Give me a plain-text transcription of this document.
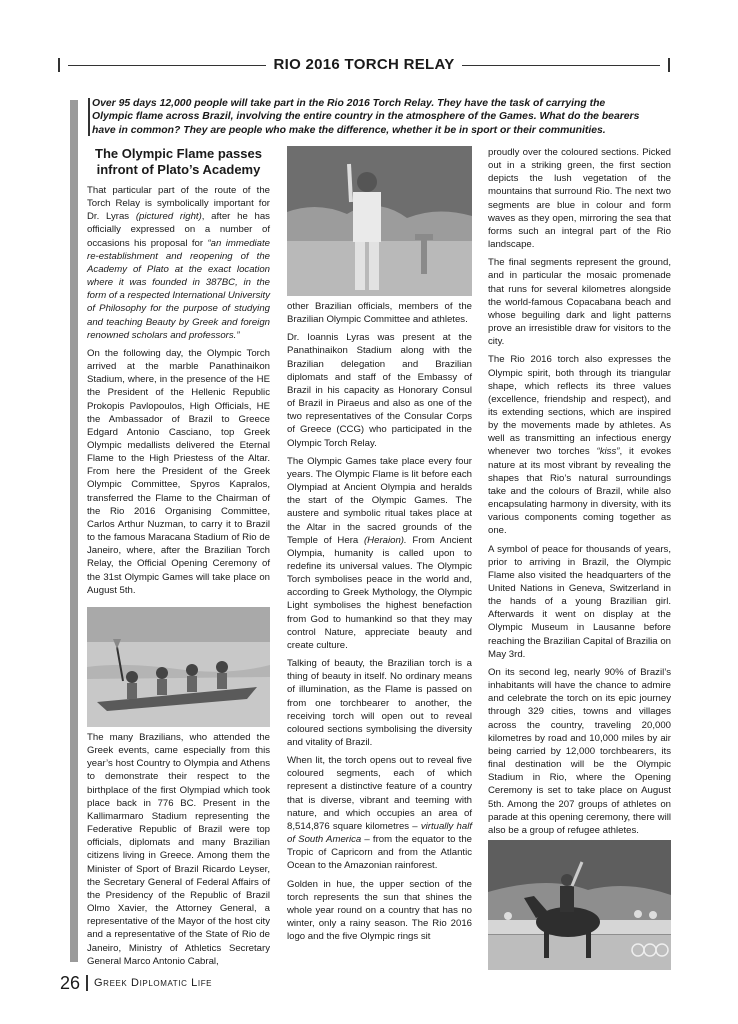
RIO 2016 TORCH RELAY
Over 95 days 12,000 people will take part in the Rio 2016 Torch Relay. They have the task of carrying the Olympic flame across Brazil, involving the entire country in the atmosphere of the Games. What do the bearers have in common? They are people who make the difference, whether it be in sport or their communities.
The Olympic Flame passes infront of Plato’s Academy

That particular part of the route of the Torch Relay is symbolically important for Dr. Lyras (pictured right), after he has officially expressed on a number of occasions his proposal for “an immediate re-establishment and reopening of the Academy of Plato at the exact location where it was founded in 387BC, in the form of a respected International University of Philosophy for the purpose of studying and teaching Beauty by Greek and foreign renowned scholars and professors.”

On the following day, the Olympic Torch arrived at the marble Panathinaikon Stadium, where, in the presence of the HE the President of the Hellenic Republic Prokopis Pavlopoulos, High Officials, HE the Ambassador of Brazil to Greece Edgard Antonio Casciano, top Greek Olympic medallists delivered the Eternal Flame to the High Priestess of the Altar. From here the President of the Greek Olympic Committee, Spyros Kapralos, transferred the Flame to the Chairman of the Rio 2016 Organising Committee, Carlos Arthur Nuzman, to carry it to Brazil to the famous Maracana Stadium of Rio de Janeiro, where, after the Brazilian Torch Relay, the Official Opening Ceremony of the 31st Olympic Games will take place on August 5th.

The many Brazilians, who attended the Greek events, came especially from this year’s host Country to Olympia and Athens to demonstrate their respect to the birthplace of the first Olympiad which took place back in 776 BC. Present in the Kallimarmaro Stadium representing the Federative Republic of Brazil were top officials, diplomats and many Brazilian citizens living in Greece. Among them the Minister of Sport of Brazil Ricardo Leyser, the Secretary General of Federal Affairs of the Presidency of the Republic of Brazil Olmo Xavier, the Attorney General, a representative of the Mayor of the host city and a representative of the State of Rio de Janeiro, Ministry of Athletics Secretary General Marco Antonio Cabral,

other Brazilian officials, members of the Brazilian Olympic Committee and athletes.

Dr. Ioannis Lyras was present at the Panathinaikon Stadium along with the Brazilian delegation and Brazilian diplomats and staff of the Embassy of Brazil in his capacity as Honorary Consul of Brazil in Piraeus and also as one of the two representatives of the Consular Corps of Greece (CCG) who participated in the Olympic Torch Relay.

The Olympic Games take place every four years. The Olympic Flame is lit before each Olympiad at Ancient Olympia and heralds the start of the Olympic Games. The austere and symbolic ritual takes place at the Altar in the sacred grounds of the Temple of Hera (Heraion). From Ancient Olympia, humanity is called upon to redefine its universal values. The Olympic Torch symbolises peace in the world and, according to Greek Mythology, the Olympic Light symbolises the highest benefaction from God to humankind so that they may control Nature, appreciate beauty and create culture.

Talking of beauty, the Brazilian torch is a thing of beauty in itself. No ordinary means of illumination, as the Flame is passed on from one torchbearer to another, the receiving torch will open out to reveal coloured sections symbolising the diversity and vitality of Brazil.

When lit, the torch opens out to reveal five coloured segments, each of which represent a distinctive feature of a country that is diverse, vibrant and teeming with nature, and which occupies an area of 8,514,876 square kilometres – virtually half of South America – from the equator to the Tropic of Capricorn and from the Atlantic Ocean to the Amazonian rainforest.

Golden in hue, the upper section of the torch represents the sun that shines the whole year round on a country that has no winter, only a rainy season. The Rio 2016 logo and the five Olympic rings sit

proudly over the coloured sections. Picked out in a striking green, the first section depicts the lush vegetation of the mountains that surround Rio. The next two segments are blue in colour and form waves as they open, mirroring the sea that forms such an integral part of the Rio landscape.

The final segments represent the ground, and in particular the mosaic promenade that runs for several kilometres alongside the world-famous Copacabana beach and whose beguiling dark and light patterns prove an irresistible draw for visitors to the city.

The Rio 2016 torch also expresses the Olympic spirit, both through its triangular shape, which reflects its three values (excellence, friendship and respect), and its extending sections, which are inspired by the movements made by athletes. As well as transmitting an infectious energy whenever two torches “kiss”, it evokes nature at its most vibrant by revealing the shapes that Rio’s natural surroundings take and the colours of Brazil, while also encapsulating harmony in diversity, with its various components coming together as one.

A symbol of peace for thousands of years, prior to arriving in Brazil, the Olympic Flame also visited the headquarters of the United Nations in Geneva, Switzerland in the hands of a young Brazilian girl. Afterwards it went on display at the Olympic Museum in Lausanne before reaching the Brazilian Capital of Brazilia on May 3rd.

On its second leg, nearly 90% of Brazil’s inhabitants will have the chance to admire and celebrate the torch on its epic journey through 329 cities, towns and villages across the country, traveling 20,000 kilometres by road and 10,000 miles by air being carried by 12,000 torchbearers, its final destination will be the Olympic Stadium in Rio, where the Opening Ceremony is set to take place on August 5th. Among the 207 groups of athletes on parade at this opening ceremony, there will also be a group of refugee athletes.

26 Greek Diplomatic Life
